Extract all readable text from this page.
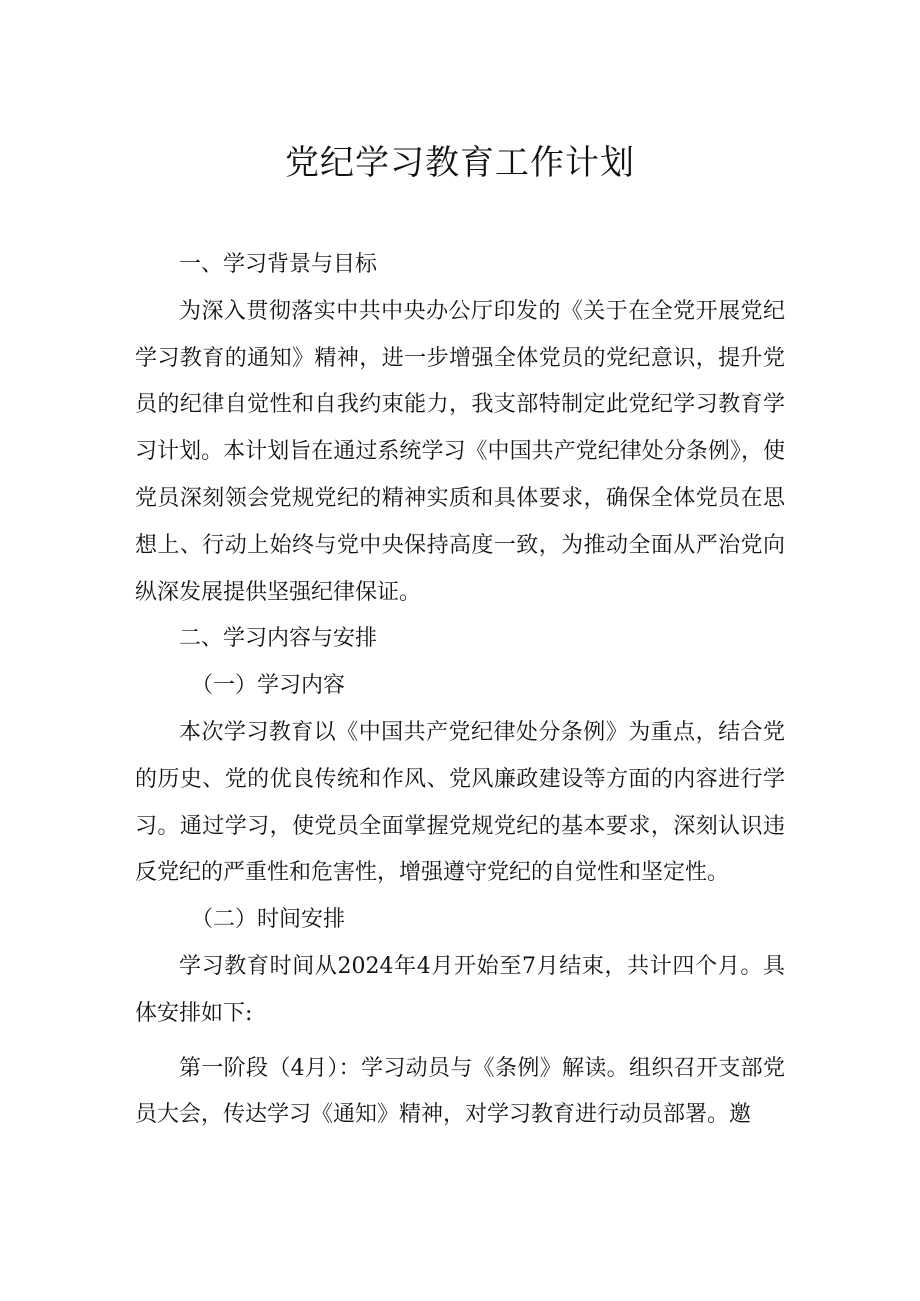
党纪学习教育工作计划

一、学习背景与目标

为深入贯彻落实中共中央办公厅印发的《关于在全党开展党纪学习教育的通知》精神，进一步增强全体党员的党纪意识，提升党员的纪律自觉性和自我约束能力，我支部特制定此党纪学习教育学习计划。本计划旨在通过系统学习《中国共产党纪律处分条例》，使党员深刻领会党规党纪的精神实质和具体要求，确保全体党员在思想上、行动上始终与党中央保持高度一致，为推动全面从严治党向纵深发展提供坚强纪律保证。

二、学习内容与安排

（一）学习内容

本次学习教育以《中国共产党纪律处分条例》为重点，结合党的历史、党的优良传统和作风、党风廉政建设等方面的内容进行学习。通过学习，使党员全面掌握党规党纪的基本要求，深刻认识违反党纪的严重性和危害性，增强遵守党纪的自觉性和坚定性。

（二）时间安排

学习教育时间从2024年4月开始至7月结束，共计四个月。具体安排如下:

第一阶段（4月）：学习动员与《条例》解读。组织召开支部党员大会，传达学习《通知》精神，对学习教育进行动员部署。邀
